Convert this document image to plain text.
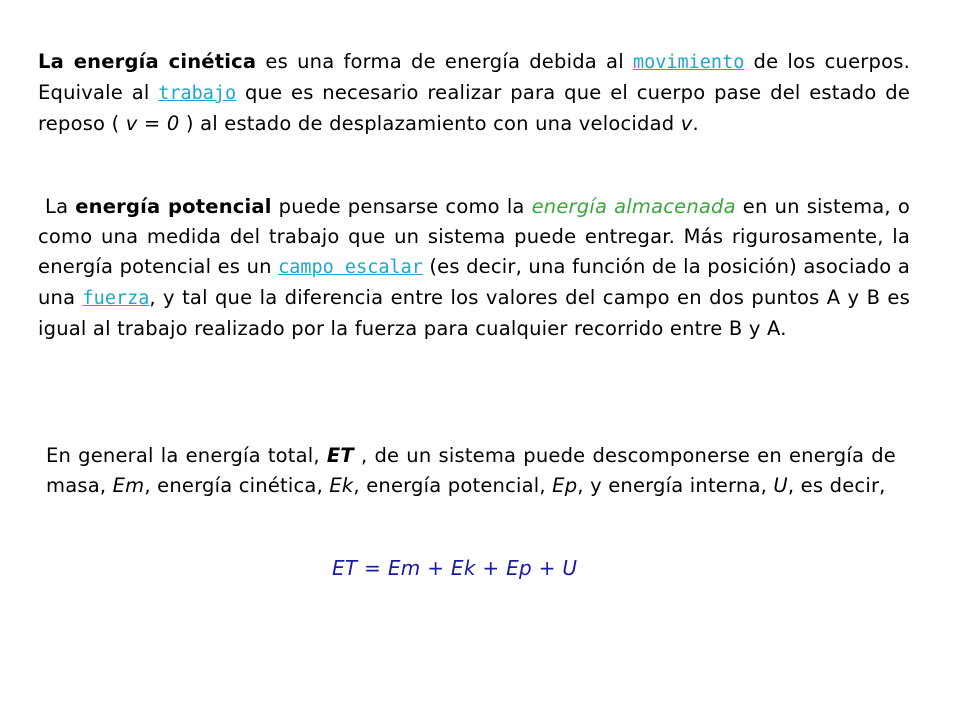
La energía cinética es una forma de energía debida al movimiento de los cuerpos. Equivale al trabajo que es necesario realizar para que el cuerpo pase del estado de reposo ( v = 0 ) al estado de desplazamiento con una velocidad v.

La energía potencial puede pensarse como la energía almacenada en un sistema, o como una medida del trabajo que un sistema puede entregar. Más rigurosamente, la energía potencial es un campo escalar (es decir, una función de la posición) asociado a una fuerza, y tal que la diferencia entre los valores del campo en dos puntos A y B es igual al trabajo realizado por la fuerza para cualquier recorrido entre B y A.

En general la energía total, ET , de un sistema puede descomponerse en energía de masa, Em, energía cinética, Ek, energía potencial, Ep, y energía interna, U, es decir,

ET = Em + Ek + Ep + U
